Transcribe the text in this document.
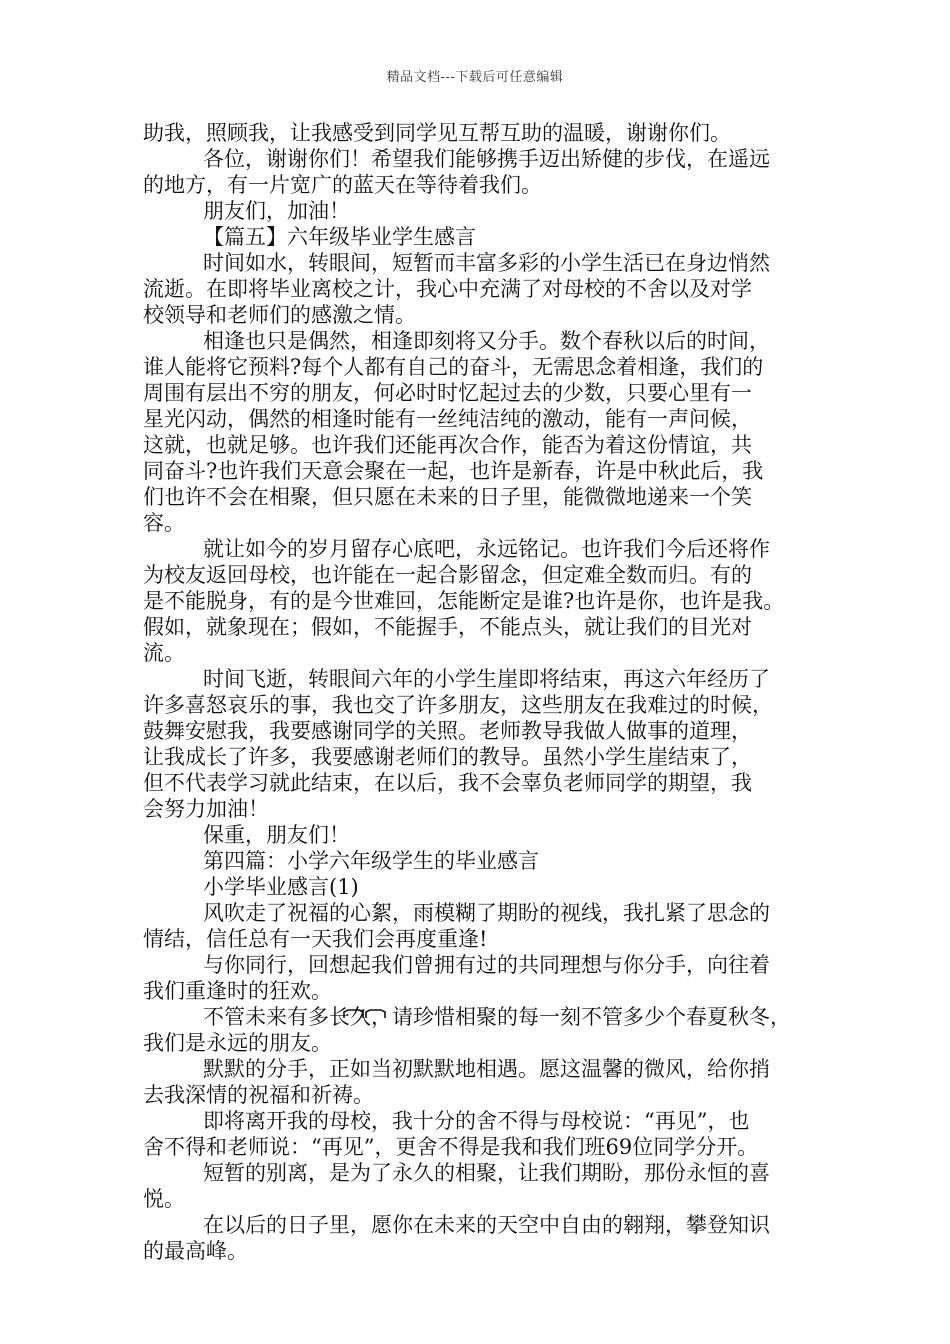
精品文档---下载后可任意编辑
助我，照顾我，让我感受到同学见互帮互助的温暖，谢谢你们。
各位，谢谢你们！希望我们能够携手迈出矫健的步伐，在遥远
的地方，有一片宽广的蓝天在等待着我们。
朋友们，加油！
【篇五】六年级毕业学生感言
时间如水，转眼间，短暂而丰富多彩的小学生活已在身边悄然
流逝。在即将毕业离校之计，我心中充满了对母校的不舍以及对学
校领导和老师们的感激之情。
相逢也只是偶然，相逢即刻将又分手。数个春秋以后的时间，
谁人能将它预料?每个人都有自己的奋斗，无需思念着相逢，我们的
周围有层出不穷的朋友，何必时时忆起过去的少数，只要心里有一
星光闪动，偶然的相逢时能有一丝纯洁纯的激动，能有一声问候，
这就，也就足够。也许我们还能再次合作，能否为着这份情谊，共
同奋斗?也许我们天意会聚在一起，也许是新春，许是中秋此后，我
们也许不会在相聚，但只愿在未来的日子里，能微微地递来一个笑
容。
就让如今的岁月留存心底吧，永远铭记。也许我们今后还将作
为校友返回母校，也许能在一起合影留念，但定难全数而归。有的
是不能脱身，有的是今世难回，怎能断定是谁?也许是你，也许是我。
假如，就象现在；假如，不能握手，不能点头，就让我们的目光对
流。
时间飞逝，转眼间六年的小学生崖即将结束，再这六年经历了
许多喜怒哀乐的事，我也交了许多朋友，这些朋友在我难过的时候，
鼓舞安慰我，我要感谢同学的关照。老师教导我做人做事的道理，
让我成长了许多，我要感谢老师们的教导。虽然小学生崖结束了，
但不代表学习就此结束，在以后，我不会辜负老师同学的期望，我
会努力加油！
保重，朋友们！
第四篇：小学六年级学生的毕业感言
小学毕业感言(1)
风吹走了祝福的心絮，雨模糊了期盼的视线，我扎紧了思念的
情结，信任总有一天我们会再度重逢!
与你同行，回想起我们曾拥有过的共同理想与你分手，向往着
我们重逢时的狂欢。
不管未来有多长久，请珍惜相聚的每一刻不管多少个春夏秋冬，
我们是永远的朋友。
默默的分手，正如当初默默地相遇。愿这温馨的微风，给你捎
去我深情的祝福和祈祷。
即将离开我的母校，我十分的舍不得与母校说：“再见”，也
舍不得和老师说：“再见”，更舍不得是我和我们班69位同学分开。
短暂的别离，是为了永久的相聚，让我们期盼，那份永恒的喜
悦。
在以后的日子里，愿你在未来的天空中自由的翱翔，攀登知识
的最高峰。
